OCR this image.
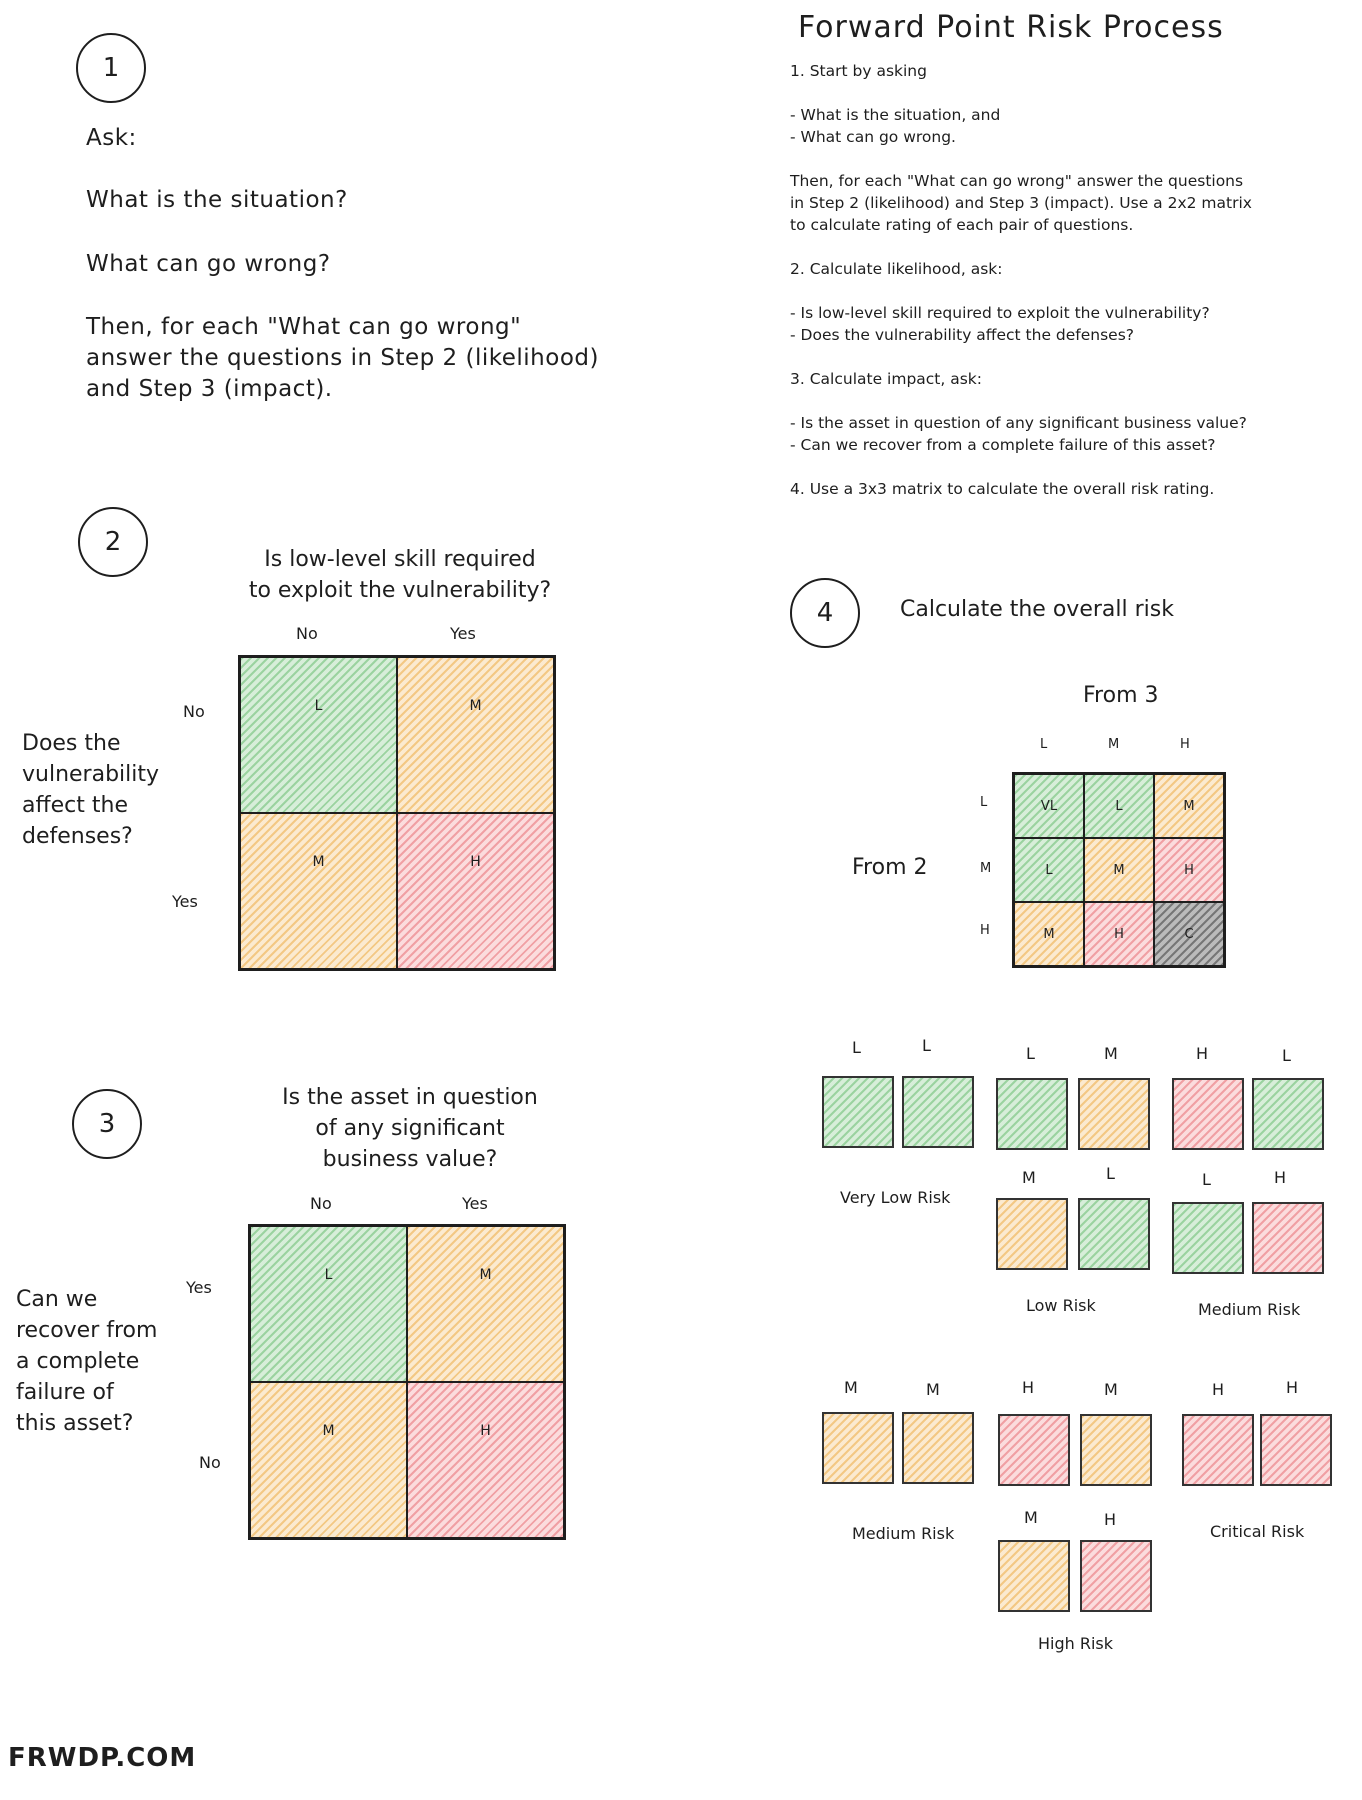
Forward Point Risk Process
1. Start by asking
- What is the situation, and
- What can go wrong.
Then, for each "What can go wrong" answer the questions
in Step 2 (likelihood) and Step 3 (impact). Use a 2x2 matrix
to calculate rating of each pair of questions.
2. Calculate likelihood, ask:
- Is low-level skill required to exploit the vulnerability?
- Does the vulnerability affect the defenses?
3. Calculate impact, ask:
- Is the asset in question of any significant business value?
- Can we recover from a complete failure of this asset?
4. Use a 3x3 matrix to calculate the overall risk rating.
1
Ask:
What is the situation?
What can go wrong?
Then, for each "What can go wrong"
answer the questions in Step 2 (likelihood)
and Step 3 (impact).
2
Is low-level skill required
to exploit the vulnerability?
No	Yes
No
Yes
Does the
vulnerability
affect the
defenses?
L	M
M	H
3
Is the asset in question
of any significant
business value?
No	Yes
Yes
No
Can we
recover from
a complete
failure of
this asset?
L	M
M	H
4	Calculate the overall risk
From 3
From 2
L	M	H
L
M
H
VL	L	M
L	M	H
M	H	C
L	L
Very Low Risk
L	M	H	L
M	L
Low Risk
L	H
Medium Risk
M	M
Medium Risk
H	M	H	H
Critical Risk
M	H
High Risk
FRWDP.COM
